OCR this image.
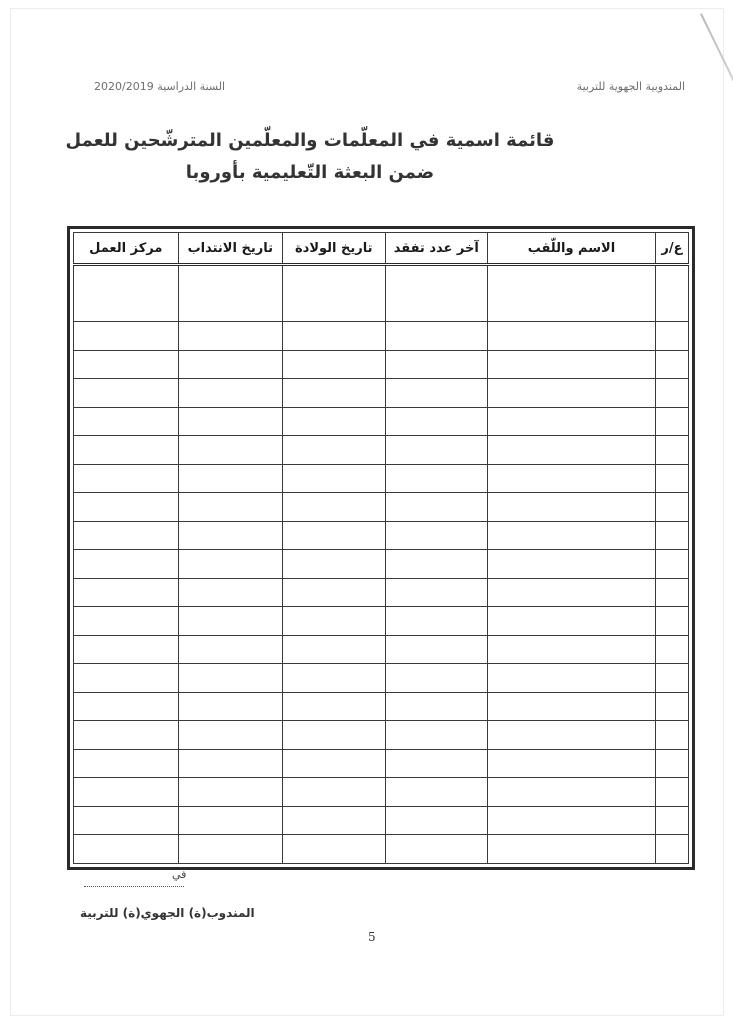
المندوبية الجهوية للتربية
السنة الدراسية 2020/2019
قائمة اسمية في المعلّمات والمعلّمين المترشّحين للعمل
ضمن البعثة التّعليمية بأوروبا
ع/ر	الاسم واللّقب	آخر عدد تفقد	تاريخ الولادة	تاريخ الانتداب	مركز العمل

في
المندوب(ة) الجهوي(ة) للتربية
5
